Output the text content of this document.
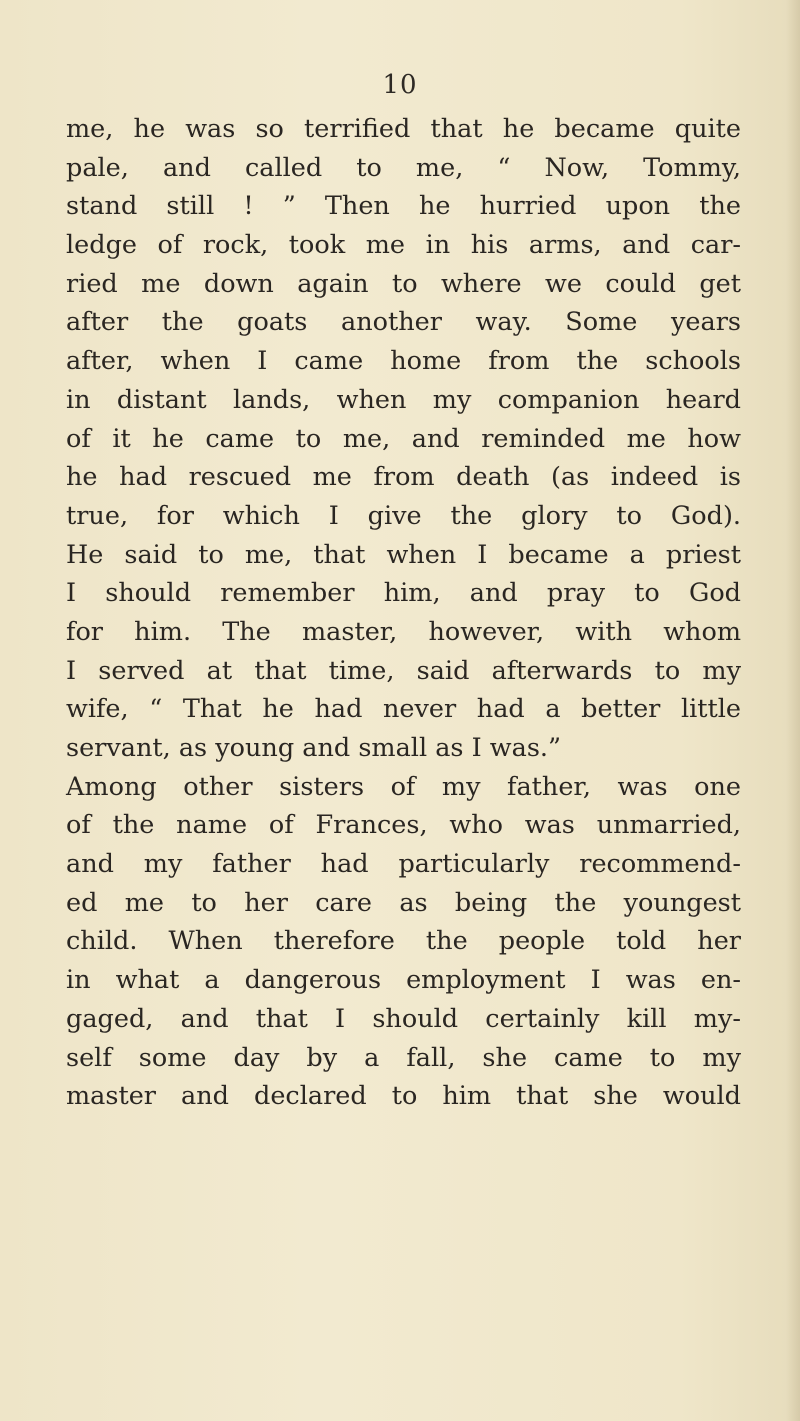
10
me, he was so terrified that he became quite
pale, and called to me, “ Now, Tommy,
stand still ! ” Then he hurried upon the
ledge of rock, took me in his arms, and car-
ried me down again to where we could get
after the goats another way. Some years
after, when I came home from the schools
in distant lands, when my companion heard
of it he came to me, and reminded me how
he had rescued me from death (as indeed is
true, for which I give the glory to God).
He said to me, that when I became a priest
I should remember him, and pray to God
for him. The master, however, with whom
I served at that time, said afterwards to my
wife, “ That he had never had a better little
servant, as young and small as I was.”
Among other sisters of my father, was one
of the name of Frances, who was unmarried,
and my father had particularly recommend-
ed me to her care as being the youngest
child. When therefore the people told her
in what a dangerous employment I was en-
gaged, and that I should certainly kill my-
self some day by a fall, she came to my
master and declared to him that she would
